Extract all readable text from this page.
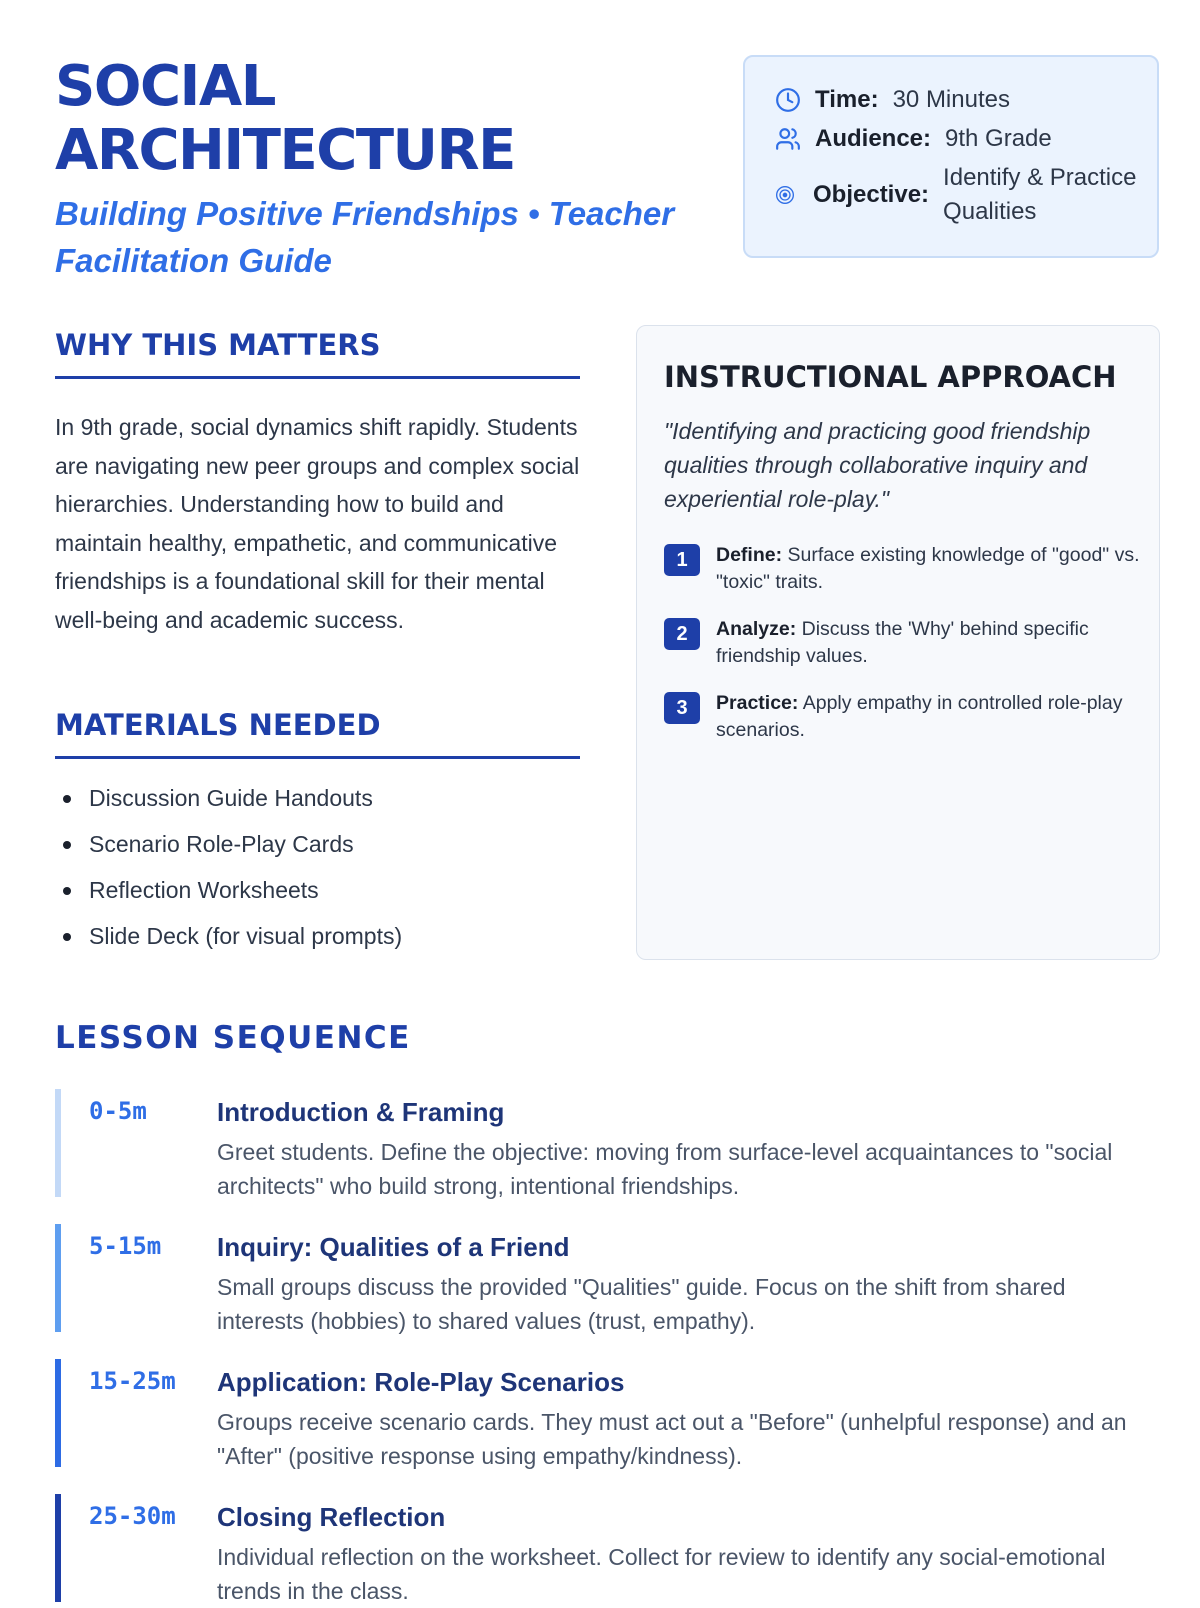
SOCIAL ARCHITECTURE
Building Positive Friendships • Teacher Facilitation Guide
Time: 30 Minutes
Audience: 9th Grade
Objective:
Identify & Practice Qualities
WHY THIS MATTERS
In 9th grade, social dynamics shift rapidly. Students are navigating new peer groups and complex social hierarchies. Understanding how to build and maintain healthy, empathetic, and communicative friendships is a foundational skill for their mental well-being and academic success.
MATERIALS NEEDED
Discussion Guide Handouts
Scenario Role-Play Cards
Reflection Worksheets
Slide Deck (for visual prompts)
INSTRUCTIONAL APPROACH
"Identifying and practicing good friendship qualities through collaborative inquiry and experiential role-play."
1	Define: Surface existing knowledge of "good" vs. "toxic" traits.
2	Analyze: Discuss the 'Why' behind specific friendship values.
3	Practice: Apply empathy in controlled role-play scenarios.
LESSON SEQUENCE
0-5m	Introduction & Framing
Greet students. Define the objective: moving from surface-level acquaintances to "social architects" who build strong, intentional friendships.
5-15m Inquiry: Qualities of a Friend
Small groups discuss the provided "Qualities" guide. Focus on the shift from shared interests (hobbies) to shared values (trust, empathy).
15-25m Application: Role-Play Scenarios
Groups receive scenario cards. They must act out a "Before" (unhelpful response) and an "After" (positive response using empathy/kindness).
25-30m Closing Reflection
Individual reflection on the worksheet. Collect for review to identify any social-emotional trends in the class.
